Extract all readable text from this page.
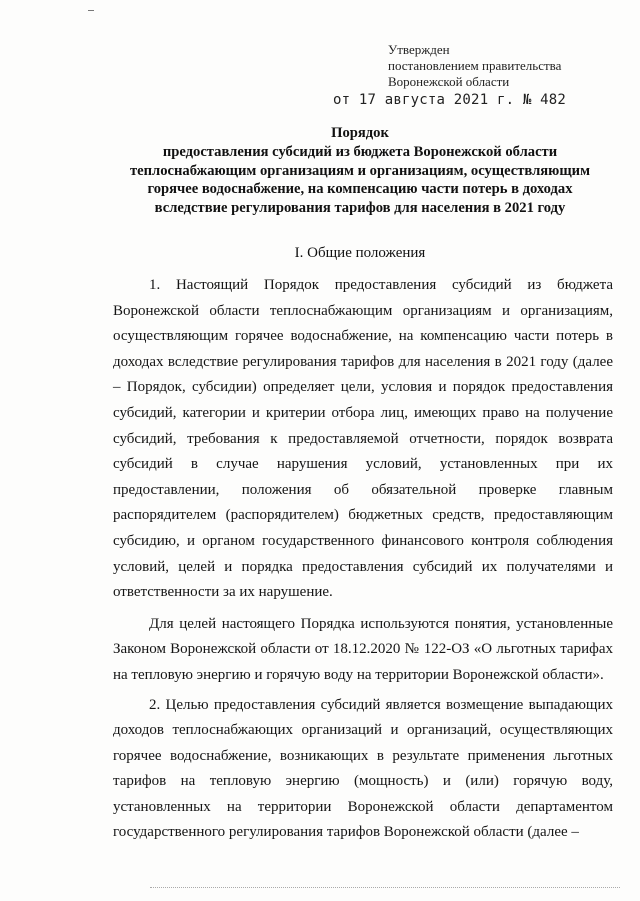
Утвержден
постановлением правительства
Воронежской области
от 17 августа 2021 г. № 482
Порядок
предоставления субсидий из бюджета Воронежской области
теплоснабжающим организациям и организациям, осуществляющим
горячее водоснабжение, на компенсацию части потерь в доходах
вследствие регулирования тарифов для населения в 2021 году
I. Общие положения

1. Настоящий Порядок предоставления субсидий из бюджета Воронежской области теплоснабжающим организациям и организациям, осуществляющим горячее водоснабжение, на компенсацию части потерь в доходах вследствие регулирования тарифов для населения в 2021 году (далее – Порядок, субсидии) определяет цели, условия и порядок предоставления субсидий, категории и критерии отбора лиц, имеющих право на получение субсидий, требования к предоставляемой отчетности, порядок возврата субсидий в случае нарушения условий, установленных при их предоставлении, положения об обязательной проверке главным распорядителем (распорядителем) бюджетных средств, предоставляющим субсидию, и органом государственного финансового контроля соблюдения условий, целей и порядка предоставления субсидий их получателями и ответственности за их нарушение.

Для целей настоящего Порядка используются понятия, установленные Законом Воронежской области от 18.12.2020 № 122-ОЗ «О льготных тарифах на тепловую энергию и горячую воду на территории Воронежской области».

2. Целью предоставления субсидий является возмещение выпадающих доходов теплоснабжающих организаций и организаций, осуществляющих горячее водоснабжение, возникающих в результате применения льготных тарифов на тепловую энергию (мощность) и (или) горячую воду, установленных на территории Воронежской области департаментом государственного регулирования тарифов Воронежской области (далее –
